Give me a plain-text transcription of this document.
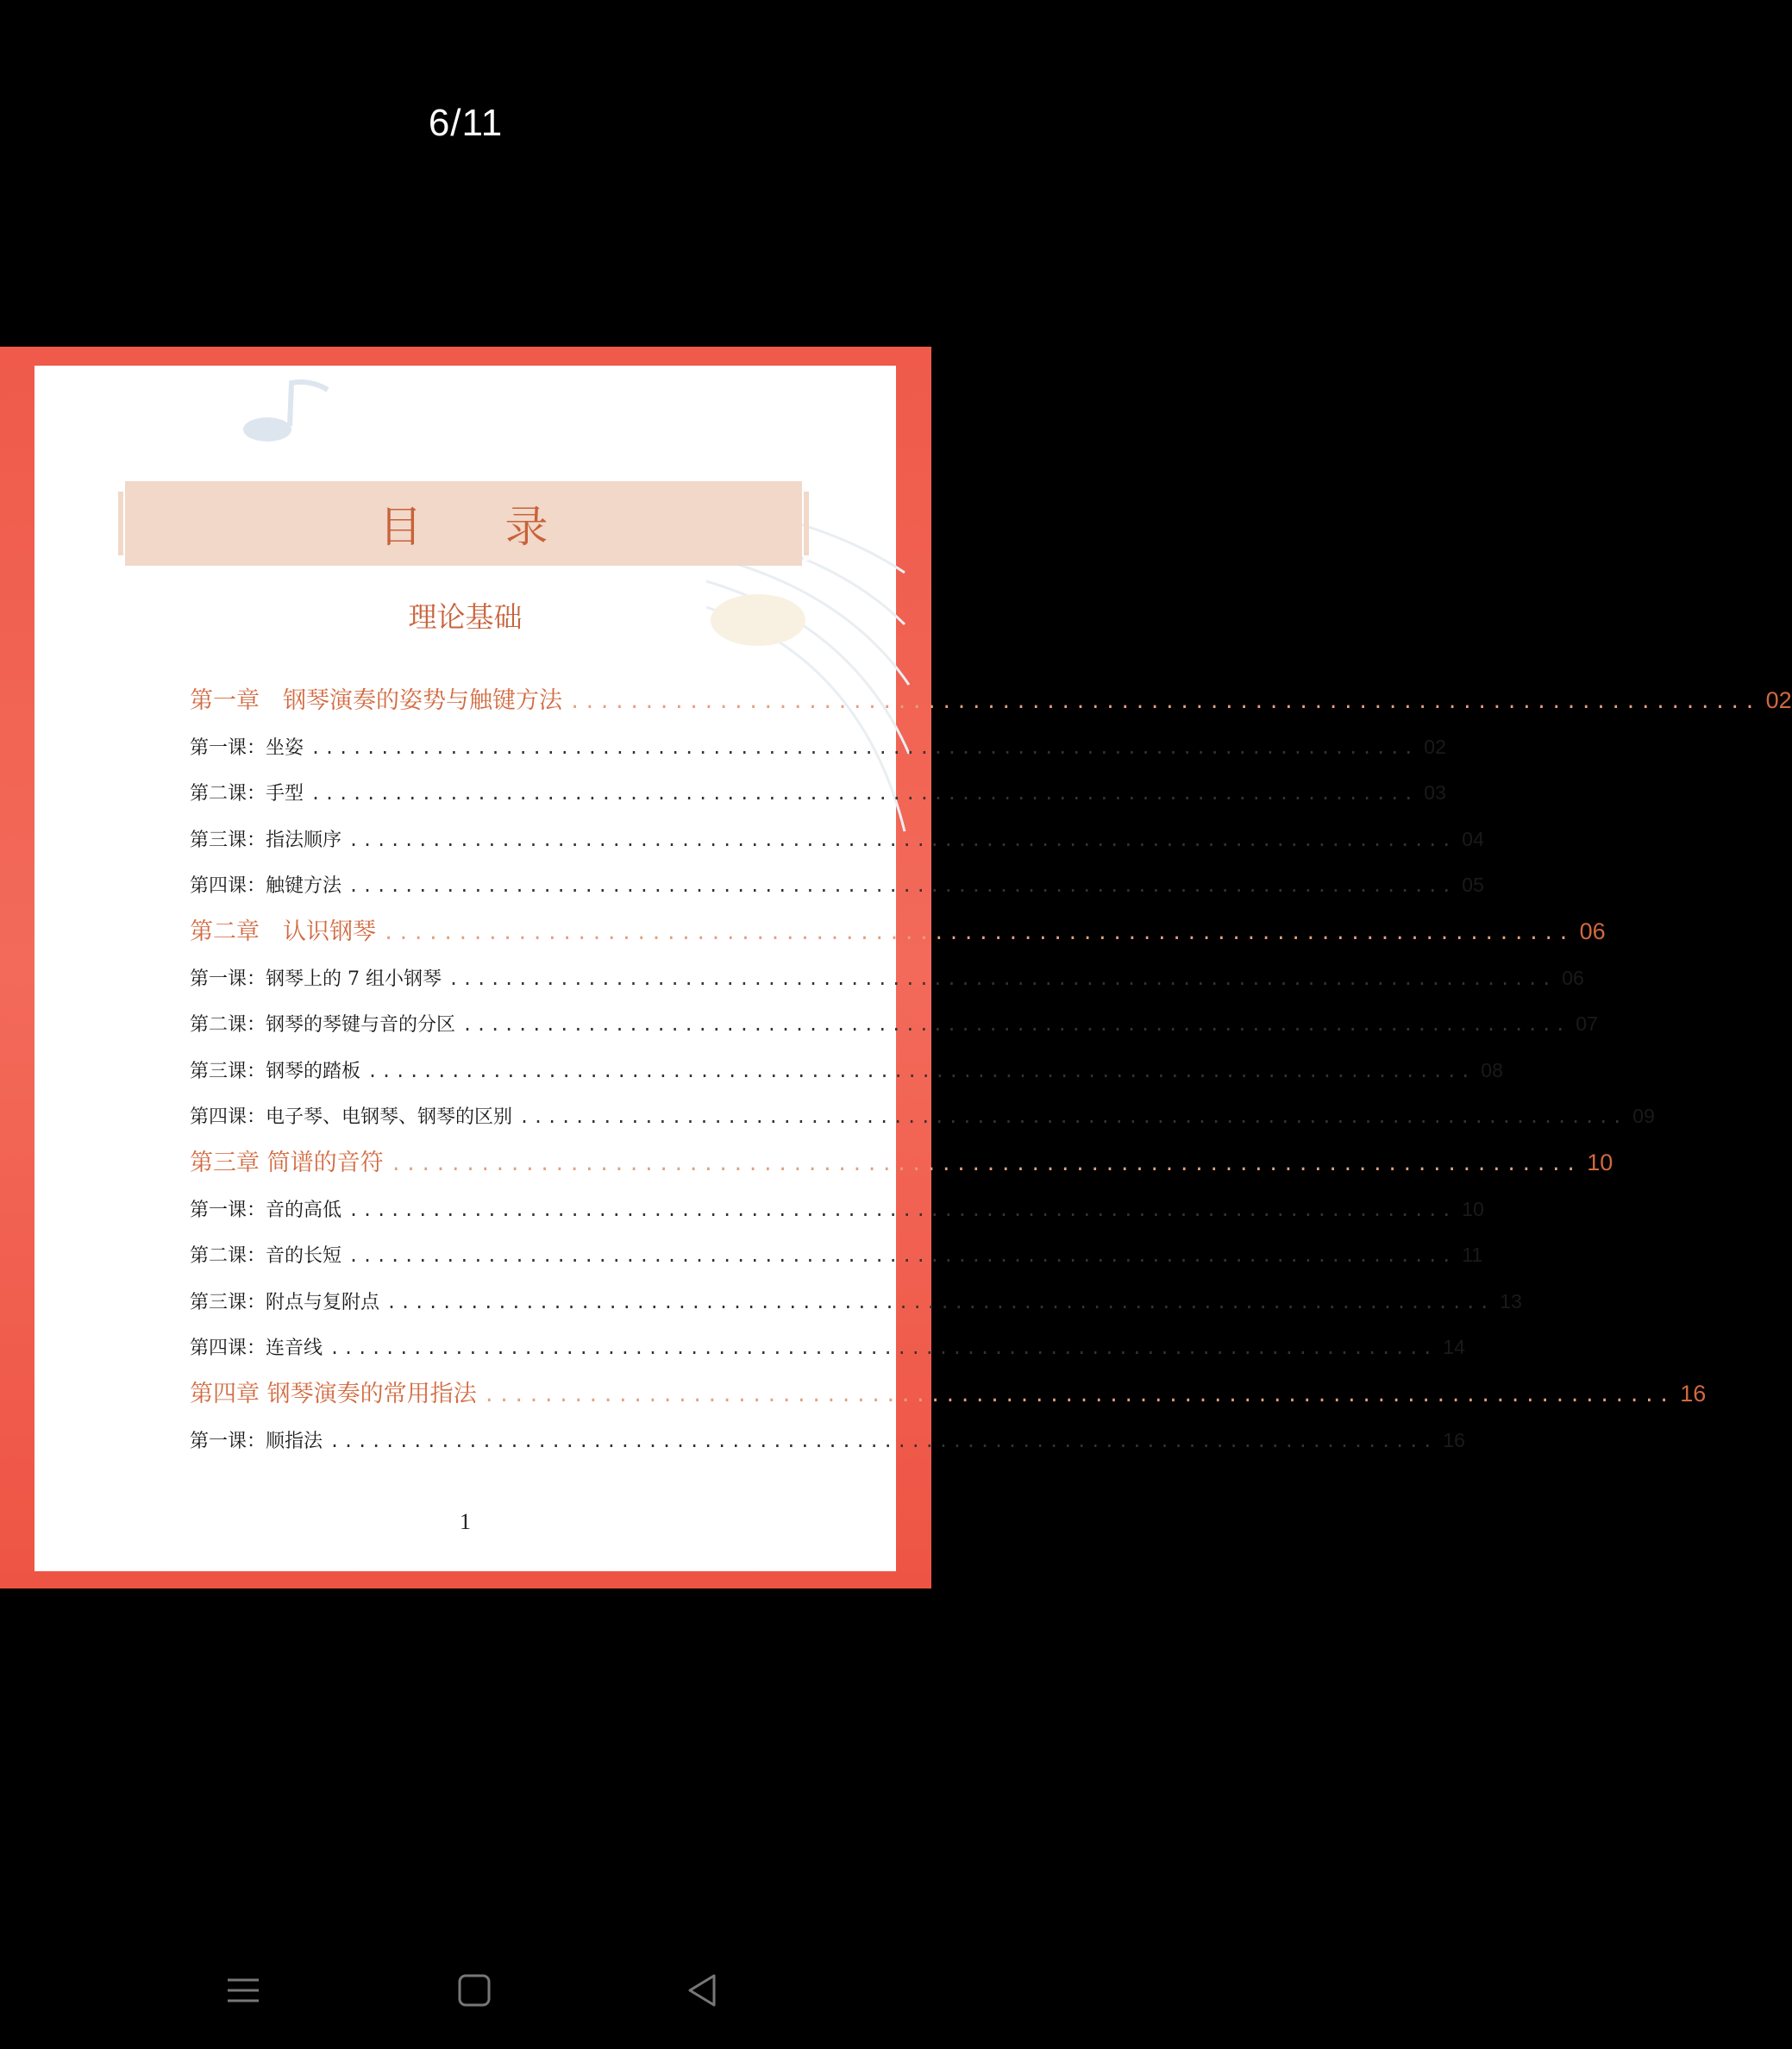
6/11
目 录
理论基础
第一章　钢琴演奏的姿势与触键方法 ................................................................................ 02
第一课：坐姿 ................................................................................ 02
第二课：手型 ................................................................................ 03
第三课：指法顺序 ................................................................................ 04
第四课：触键方法 ................................................................................ 05
第二章　认识钢琴 ................................................................................ 06
第一课：钢琴上的 7 组小钢琴 ................................................................................ 06
第二课：钢琴的琴键与音的分区 ................................................................................ 07
第三课：钢琴的踏板 ................................................................................ 08
第四课：电子琴、电钢琴、钢琴的区别 ................................................................................ 09
第三章 简谱的音符 ................................................................................ 10
第一课：音的高低 ................................................................................ 10
第二课：音的长短 ................................................................................ 11
第三课：附点与复附点 ................................................................................ 13
第四课：连音线 ................................................................................ 14
第四章 钢琴演奏的常用指法 ................................................................................ 16
第一课：顺指法 ................................................................................ 16
1
